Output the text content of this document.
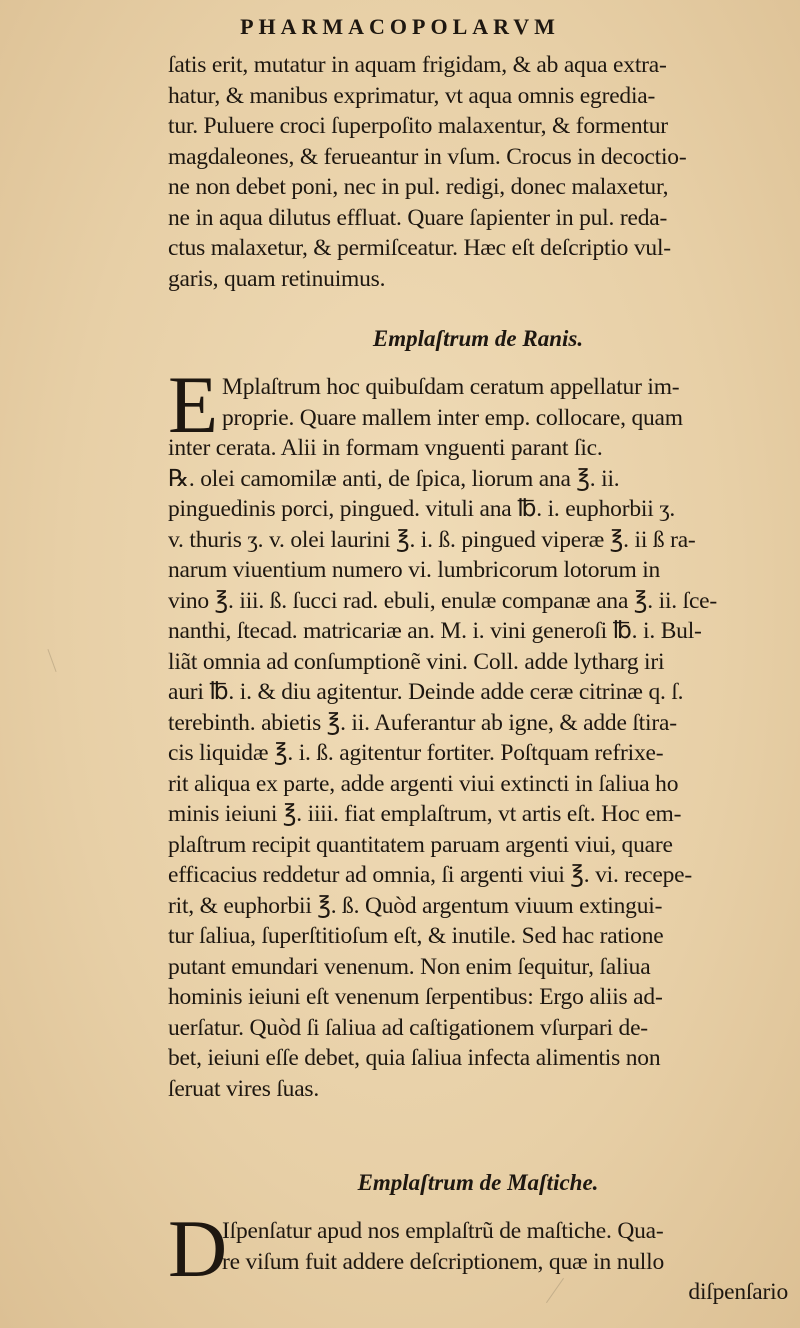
PHARMACOPOLARVM

ſatis erit, mutatur in aquam frigidam, & ab aqua extra-
hatur, & manibus exprimatur, vt aqua omnis egredia-
tur. Puluere croci ſuperpoſito malaxentur, & formentur
magdaleones, & ferueantur in vſum. Crocus in decoctio-
ne non debet poni, nec in pul. redigi, donec malaxetur,
ne in aqua dilutus effluat. Quare ſapienter in pul. reda-
ctus malaxetur, & permiſceatur. Hæc eſt deſcriptio vul-
garis, quam retinuimus.

Emplaſtrum de Ranis.

E Mplaſtrum hoc quibuſdam ceratum appellatur im-
proprie. Quare mallem inter emp. collocare, quam

inter cerata. Alii in formam vnguenti parant ſic.
℞. olei camomilæ anti, de ſpica, liorum ana ℥. ii.
pinguedinis porci, pingued. vituli ana ℔. i. euphorbii ʒ.
v. thuris ʒ. v. olei laurini ℥. i. ß. pingued viperæ ℥. ii ß ra-
narum viuentium numero vi. lumbricorum lotorum in
vino ℥. iii. ß. ſucci rad. ebuli, enulæ companæ ana ℥. ii. ſce-
nanthi, ſtecad. matricariæ an. M. i. vini generoſi ℔. i. Bul-
liãt omnia ad conſumptionẽ vini. Coll. adde lytharg iri
auri ℔. i. & diu agitentur. Deinde adde ceræ citrinæ q. ſ.
terebinth. abietis ℥. ii. Auferantur ab igne, & adde ſtira-
cis liquidæ ℥. i. ß. agitentur fortiter. Poſtquam refrixe-
rit aliqua ex parte, adde argenti viui extincti in ſaliua ho
minis ieiuni ℥. iiii. fiat emplaſtrum, vt artis eſt. Hoc em-
plaſtrum recipit quantitatem paruam argenti viui, quare
efficacius reddetur ad omnia, ſi argenti viui ℥. vi. recepe-
rit, & euphorbii ℥. ß. Quòd argentum viuum extingui-
tur ſaliua, ſuperſtitioſum eſt, & inutile. Sed hac ratione
putant emundari venenum. Non enim ſequitur, ſaliua
hominis ieiuni eſt venenum ſerpentibus: Ergo aliis ad-
uerſatur. Quòd ſi ſaliua ad caſtigationem vſurpari de-
bet, ieiuni eſſe debet, quia ſaliua infecta alimentis non
ſeruat vires ſuas.

Emplaſtrum de Maſtiche.

D

Iſpenſatur apud nos emplaſtrũ de maſtiche. Qua-
re viſum fuit addere deſcriptionem, quæ in nullo

diſpenſario
